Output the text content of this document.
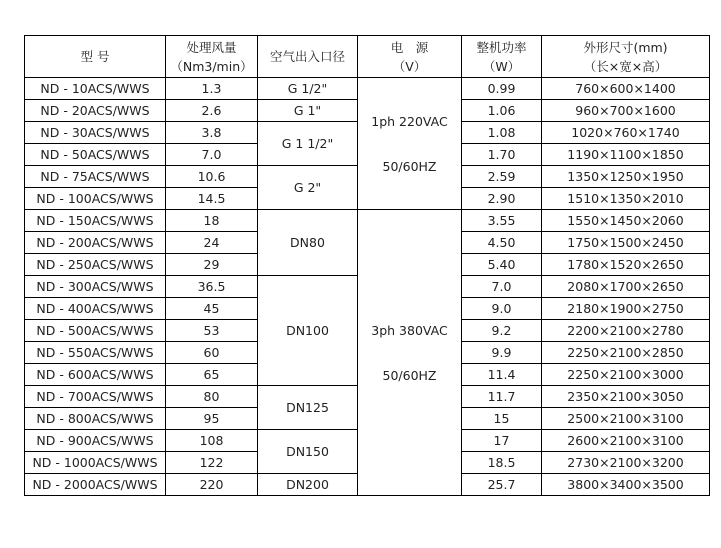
型 号	处理风量
（Nm3/min）	空气出入口径	电　源
（V）	整机功率
（W）	外形尺寸(mm)
（长×宽×高）

ND - 10ACS/WWS	1.3	G 1/2"	1ph 220VAC
50/60HZ	0.99	760×600×1400
ND - 20ACS/WWS	2.6	G 1"		1.06	960×700×1600
ND - 30ACS/WWS	3.8	G 1 1/2"		1.08	1020×760×1740
ND - 50ACS/WWS	7.0			1.70	1190×1100×1850
ND - 75ACS/WWS	10.6	G 2"		2.59	1350×1250×1950
ND - 100ACS/WWS	14.5			2.90	1510×1350×2010
ND - 150ACS/WWS	18	DN80	3ph 380VAC
50/60HZ	3.55	1550×1450×2060
ND - 200ACS/WWS	24			4.50	1750×1500×2450
ND - 250ACS/WWS	29			5.40	1780×1520×2650
ND - 300ACS/WWS	36.5	DN100		7.0	2080×1700×2650
ND - 400ACS/WWS	45			9.0	2180×1900×2750
ND - 500ACS/WWS	53			9.2	2200×2100×2780
ND - 550ACS/WWS	60			9.9	2250×2100×2850
ND - 600ACS/WWS	65			11.4	2250×2100×3000
ND - 700ACS/WWS	80	DN125		11.7	2350×2100×3050
ND - 800ACS/WWS	95			15	2500×2100×3100
ND - 900ACS/WWS	108	DN150		17	2600×2100×3100
ND - 1000ACS/WWS	122			18.5	2730×2100×3200
ND - 2000ACS/WWS	220	DN200		25.7	3800×3400×3500
